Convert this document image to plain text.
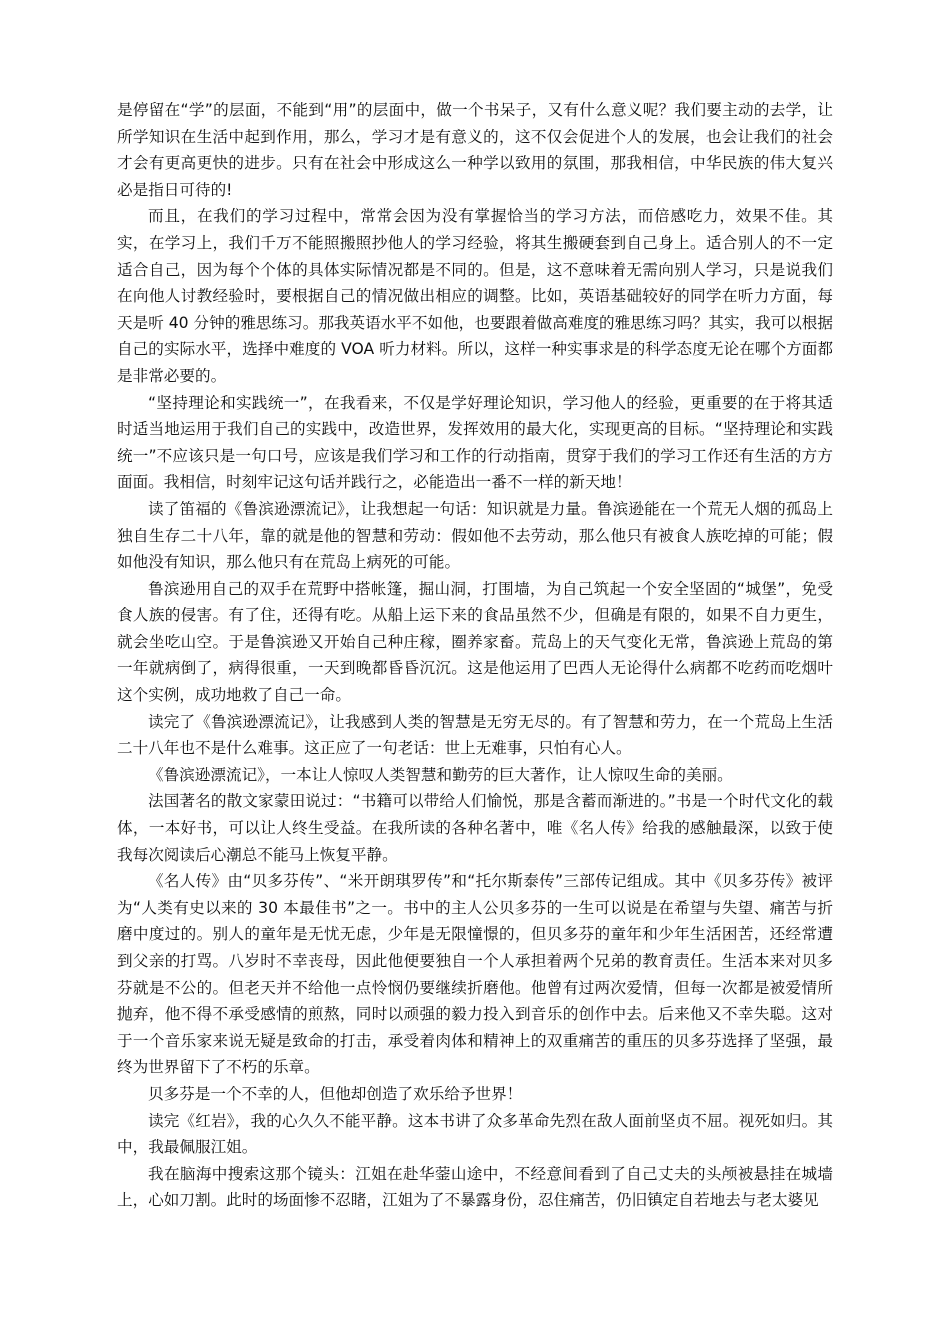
是停留在“学”的层面，不能到“用”的层面中，做一个书呆子，又有什么意义呢？我们要主动的去学，让所学知识在生活中起到作用，那么，学习才是有意义的，这不仅会促进个人的发展，也会让我们的社会才会有更高更快的进步。只有在社会中形成这么一种学以致用的氛围，那我相信，中华民族的伟大复兴必是指日可待的!

而且，在我们的学习过程中，常常会因为没有掌握恰当的学习方法，而倍感吃力，效果不佳。其实，在学习上，我们千万不能照搬照抄他人的学习经验，将其生搬硬套到自己身上。适合别人的不一定适合自己，因为每个个体的具体实际情况都是不同的。但是，这不意味着无需向别人学习，只是说我们在向他人讨教经验时，要根据自己的情况做出相应的调整。比如，英语基础较好的同学在听力方面，每天是听 40 分钟的雅思练习。那我英语水平不如他，也要跟着做高难度的雅思练习吗？其实，我可以根据自己的实际水平，选择中难度的 VOA 听力材料。所以，这样一种实事求是的科学态度无论在哪个方面都是非常必要的。

“坚持理论和实践统一”，在我看来，不仅是学好理论知识，学习他人的经验，更重要的在于将其适时适当地运用于我们自己的实践中，改造世界，发挥效用的最大化，实现更高的目标。“坚持理论和实践统一”不应该只是一句口号，应该是我们学习和工作的行动指南，贯穿于我们的学习工作还有生活的方方面面。我相信，时刻牢记这句话并践行之，必能造出一番不一样的新天地！

读了笛福的《鲁滨逊漂流记》，让我想起一句话：知识就是力量。鲁滨逊能在一个荒无人烟的孤岛上独自生存二十八年，靠的就是他的智慧和劳动：假如他不去劳动，那么他只有被食人族吃掉的可能；假如他没有知识，那么他只有在荒岛上病死的可能。

鲁滨逊用自己的双手在荒野中搭帐篷，掘山洞，打围墙，为自己筑起一个安全坚固的“城堡”，免受食人族的侵害。有了住，还得有吃。从船上运下来的食品虽然不少，但确是有限的，如果不自力更生，就会坐吃山空。于是鲁滨逊又开始自己种庄稼，圈养家畜。荒岛上的天气变化无常，鲁滨逊上荒岛的第一年就病倒了，病得很重，一天到晚都昏昏沉沉。这是他运用了巴西人无论得什么病都不吃药而吃烟叶这个实例，成功地救了自己一命。

读完了《鲁滨逊漂流记》，让我感到人类的智慧是无穷无尽的。有了智慧和劳力，在一个荒岛上生活二十八年也不是什么难事。这正应了一句老话：世上无难事，只怕有心人。

《鲁滨逊漂流记》，一本让人惊叹人类智慧和勤劳的巨大著作，让人惊叹生命的美丽。

法国著名的散文家蒙田说过：“书籍可以带给人们愉悦，那是含蓄而渐进的。”书是一个时代文化的载体，一本好书，可以让人终生受益。在我所读的各种名著中，唯《名人传》给我的感触最深，以致于使我每次阅读后心潮总不能马上恢复平静。

《名人传》由“贝多芬传”、“米开朗琪罗传”和“托尔斯泰传”三部传记组成。其中《贝多芬传》被评为“人类有史以来的 30 本最佳书”之一。书中的主人公贝多芬的一生可以说是在希望与失望、痛苦与折磨中度过的。别人的童年是无忧无虑，少年是无限憧憬的，但贝多芬的童年和少年生活困苦，还经常遭到父亲的打骂。八岁时不幸丧母，因此他便要独自一个人承担着两个兄弟的教育责任。生活本来对贝多芬就是不公的。但老天并不给他一点怜悯仍要继续折磨他。他曾有过两次爱情，但每一次都是被爱情所抛弃，他不得不承受感情的煎熬，同时以顽强的毅力投入到音乐的创作中去。后来他又不幸失聪。这对于一个音乐家来说无疑是致命的打击，承受着肉体和精神上的双重痛苦的重压的贝多芬选择了坚强，最终为世界留下了不朽的乐章。

贝多芬是一个不幸的人，但他却创造了欢乐给予世界！

读完《红岩》，我的心久久不能平静。这本书讲了众多革命先烈在敌人面前坚贞不屈。视死如归。其中，我最佩服江姐。

我在脑海中搜索这那个镜头：江姐在赴华蓥山途中，不经意间看到了自己丈夫的头颅被悬挂在城墙上，心如刀割。此时的场面惨不忍睹，江姐为了不暴露身份，忍住痛苦，仍旧镇定自若地去与老太婆见
